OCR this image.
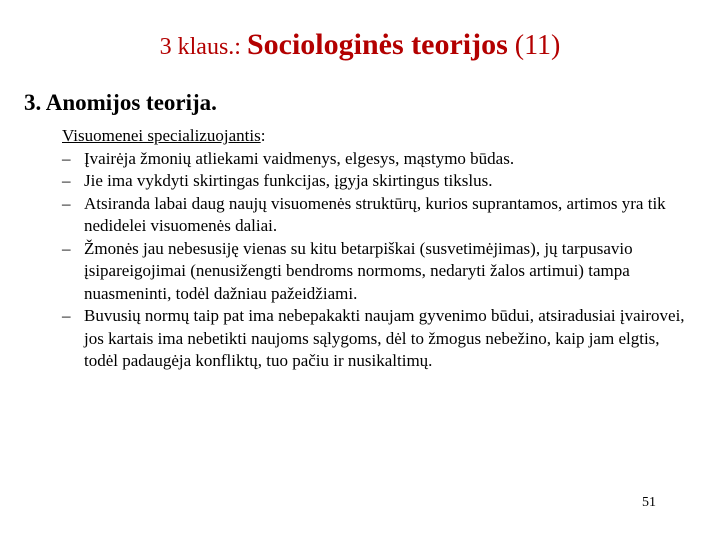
3 klaus.: Sociologinės teorijos (11)
3. Anomijos teorija.
Visuomenei specializuojantis:
– Įvairėja žmonių atliekami vaidmenys, elgesys, mąstymo būdas.
– Jie ima vykdyti skirtingas funkcijas, įgyja skirtingus tikslus.
– Atsiranda labai daug naujų visuomenės struktūrų, kurios suprantamos, artimos yra tik nedidelei visuomenės daliai.
– Žmonės jau nebesusiję vienas su kitu betarpiškai (susvetimėjimas), jų tarpusavio įsipareigojimai (nenusižengti bendroms normoms, nedaryti žalos artimui) tampa nuasmeninti, todėl dažniau pažeidžiami.
– Buvusių normų taip pat ima nebepakakti naujam gyvenimo būdui, atsiradusiai įvairovei, jos kartais ima nebetikti naujoms sąlygoms, dėl to žmogus nebežino, kaip jam elgtis, todėl padaugėja konfliktų, tuo pačiu ir nusikaltimų.
51
